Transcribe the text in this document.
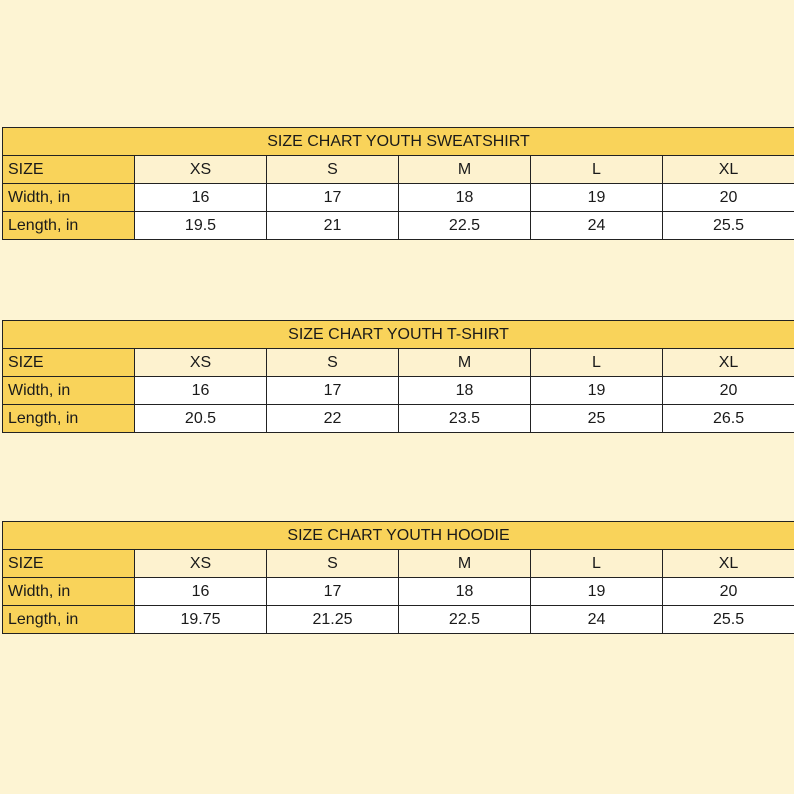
SIZE CHART YOUTH SWEATSHIRT					
SIZE	XS	S	M	L	XL
Width, in	16	17	18	19	20
Length, in	19.5	21	22.5	24	25.5
SIZE CHART YOUTH T-SHIRT					
SIZE	XS	S	M	L	XL
Width, in	16	17	18	19	20
Length, in	20.5	22	23.5	25	26.5
SIZE CHART YOUTH HOODIE					
SIZE	XS	S	M	L	XL
Width, in	16	17	18	19	20
Length, in	19.75	21.25	22.5	24	25.5
